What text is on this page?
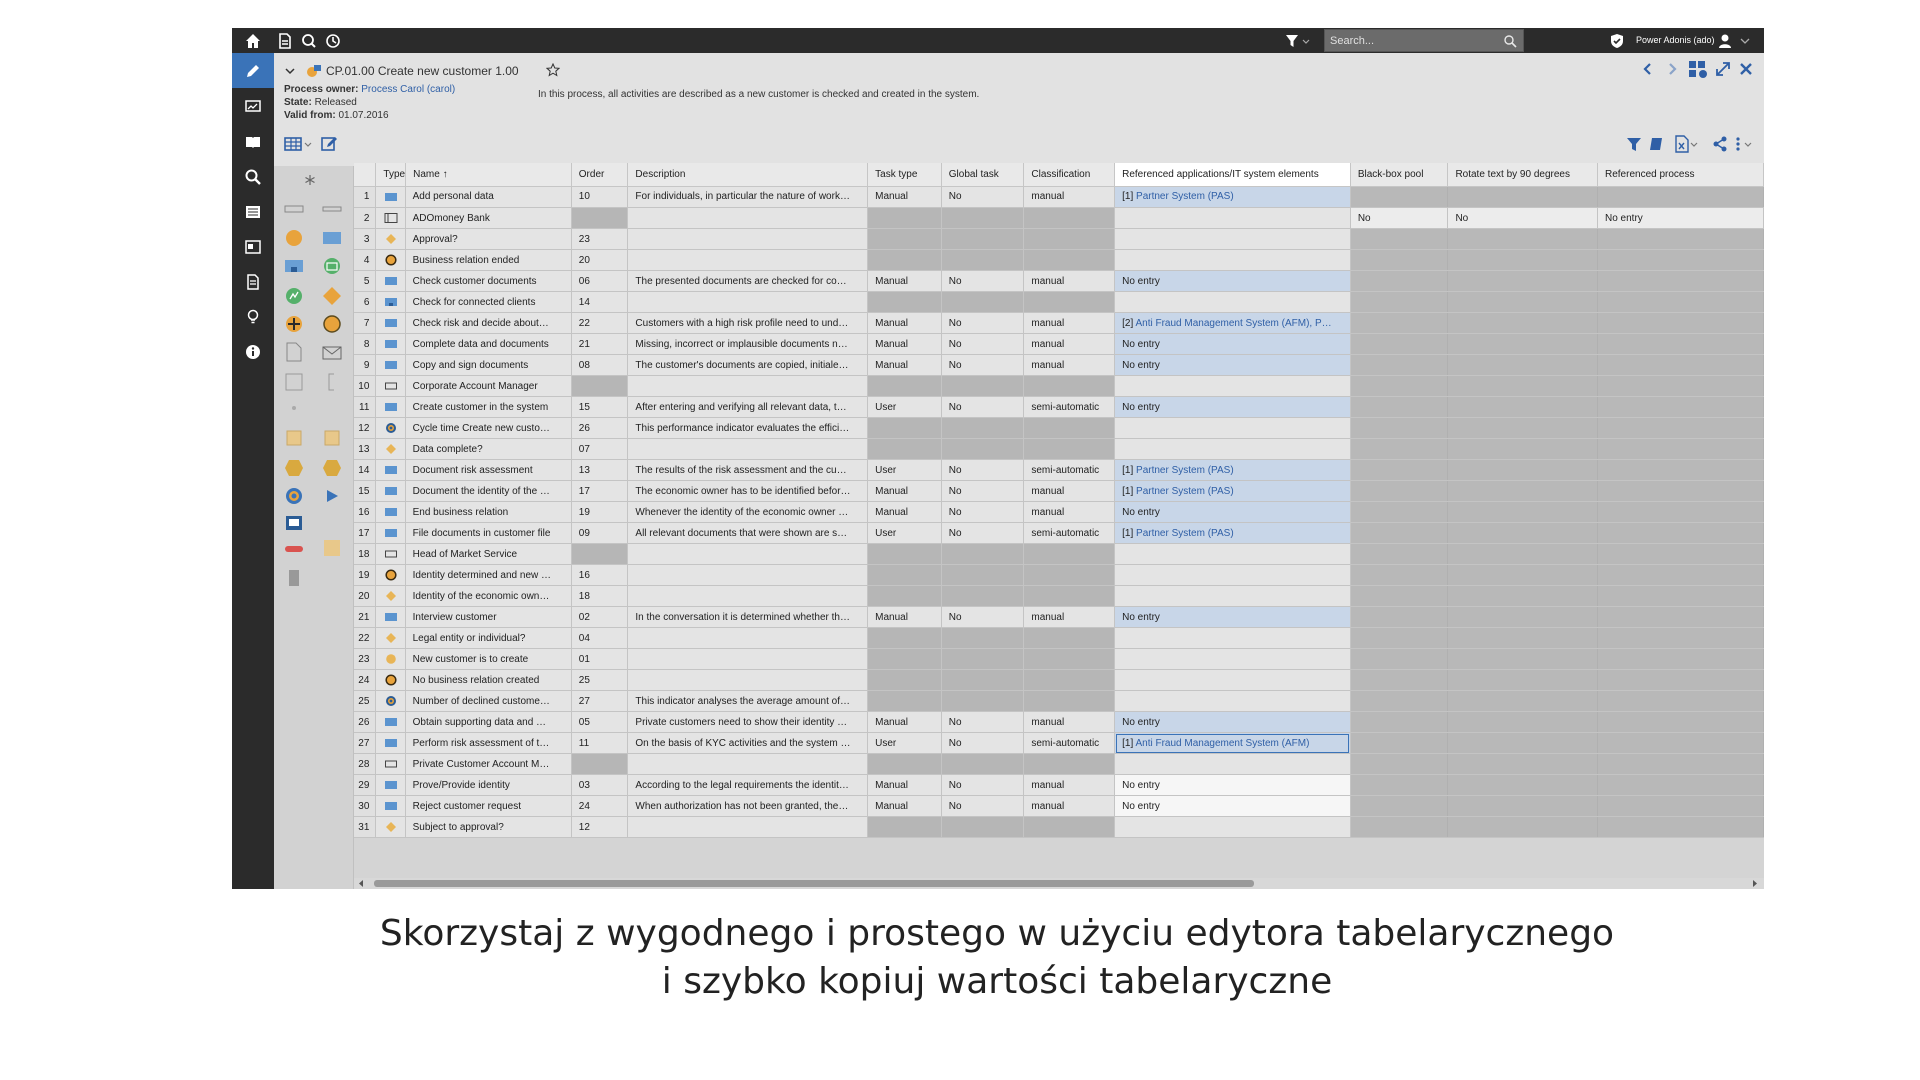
Search...
Power Adonis (ado)
CP.01.00 Create new customer 1.00
Process owner: Process Carol (carol)
State: Released
Valid from: 01.07.2016
In this process, all activities are described as a new customer is checked and created in the system.
	Type	Name ↑	Order	Description	Task type	Global task	Classification	Referenced applications/IT system elements	Black-box pool	Rotate text by 90 degrees	Referenced process
1	Add personal data	10	For individuals, in particular the nature of work…	Manual	No	manual	[1] Partner System (PAS)			
2	ADOmoney Bank							No	No	No entry
3	Approval?	23								
4	Business relation ended	20								
5	Check customer documents	06	The presented documents are checked for co…	Manual	No	manual	No entry			
6	Check for connected clients	14								
7	Check risk and decide about…	22	Customers with a high risk profile need to und…	Manual	No	manual	[2] Anti Fraud Management System (AFM), P…			
8	Complete data and documents	21	Missing, incorrect or implausible documents n…	Manual	No	manual	No entry			
9	Copy and sign documents	08	The customer's documents are copied, initiale…	Manual	No	manual	No entry			
10	Corporate Account Manager									
11	Create customer in the system	15	After entering and verifying all relevant data, t…	User	No	semi-automatic	No entry			
12	Cycle time Create new custo…	26	This performance indicator evaluates the effici…							
13	Data complete?	07								
14	Document risk assessment	13	The results of the risk assessment and the cu…	User	No	semi-automatic	[1] Partner System (PAS)			
15	Document the identity of the …	17	The economic owner has to be identified befor…	Manual	No	manual	[1] Partner System (PAS)			
16	End business relation	19	Whenever the identity of the economic owner …	Manual	No	manual	No entry			
17	File documents in customer file	09	All relevant documents that were shown are s…	User	No	semi-automatic	[1] Partner System (PAS)			
18	Head of Market Service									
19	Identity determined and new …	16								
20	Identity of the economic own…	18								
21	Interview customer	02	In the conversation it is determined whether th…	Manual	No	manual	No entry			
22	Legal entity or individual?	04								
23	New customer is to create	01								
24	No business relation created	25								
25	Number of declined custome…	27	This indicator analyses the average amount of…							
26	Obtain supporting data and …	05	Private customers need to show their identity …	Manual	No	manual	No entry			
27	Perform risk assessment of t…	11	On the basis of KYC activities and the system …	User	No	semi-automatic	[1] Anti Fraud Management System (AFM)			
28	Private Customer Account M…									
29	Prove/Provide identity	03	According to the legal requirements the identit…	Manual	No	manual	No entry			
30	Reject customer request	24	When authorization has not been granted, the…	Manual	No	manual	No entry			
31	Subject to approval?	12								
Skorzystaj z wygodnego i prostego w użyciu edytora tabelarycznego
i szybko kopiuj wartości tabelaryczne
